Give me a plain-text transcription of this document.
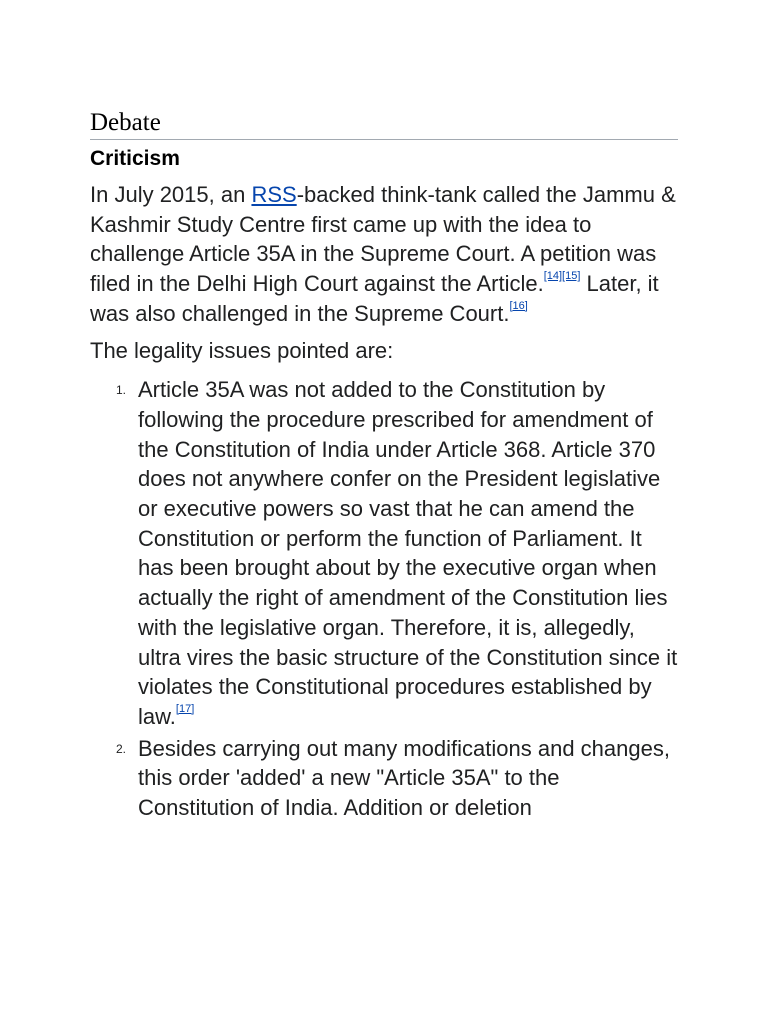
Debate
Criticism

In July 2015, an RSS-backed think-tank called the Jammu & Kashmir Study Centre first came up with the idea to challenge Article 35A in the Supreme Court. A petition was filed in the Delhi High Court against the Article.[14][15] Later, it was also challenged in the Supreme Court.[16]

The legality issues pointed are:

1. Article 35A was not added to the Constitution by following the procedure prescribed for amendment of the Constitution of India under Article 368. Article 370 does not anywhere confer on the President legislative or executive powers so vast that he can amend the Constitution or perform the function of Parliament. It has been brought about by the executive organ when actually the right of amendment of the Constitution lies with the legislative organ. Therefore, it is, allegedly, ultra vires the basic structure of the Constitution since it violates the Constitutional procedures established by law.[17]
2. Besides carrying out many modifications and changes, this order 'added' a new "Article 35A" to the Constitution of India. Addition or deletion
